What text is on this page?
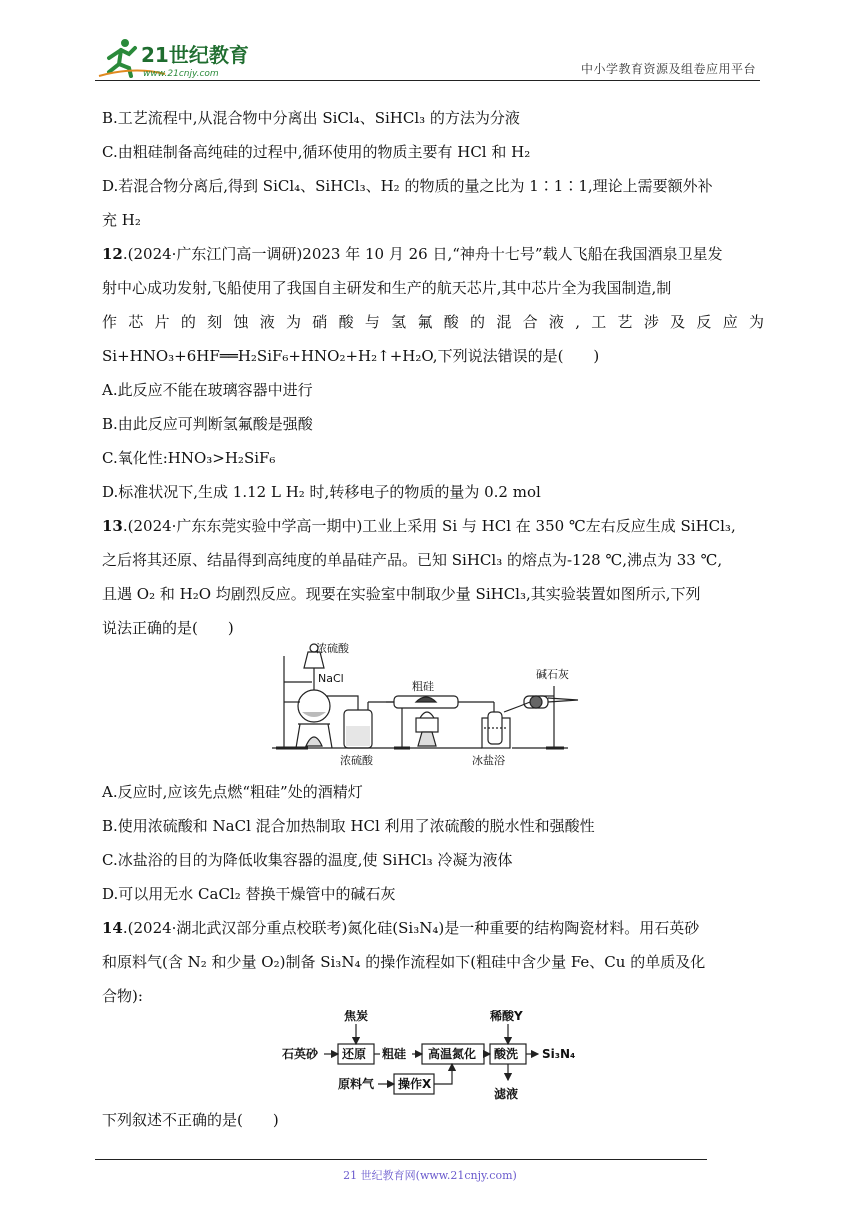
21世纪教育
www.21cnjy.com	中小学教育资源及组卷应用平台
B.工艺流程中,从混合物中分离出 SiCl₄、SiHCl₃ 的方法为分液
C.由粗硅制备高纯硅的过程中,循环使用的物质主要有 HCl 和 H₂
D.若混合物分离后,得到 SiCl₄、SiHCl₃、H₂ 的物质的量之比为 1∶1∶1,理论上需要额外补
充 H₂
12.(2024·广东江门高一调研)2023 年 10 月 26 日,“神舟十七号”载人飞船在我国酒泉卫星发
射中心成功发射,飞船使用了我国自主研发和生产的航天芯片,其中芯片全为我国制造,制
作芯片的刻蚀液为硝酸与氢氟酸的混合液,工艺涉及反应为
Si+HNO₃+6HF══H₂SiF₆+HNO₂+H₂↑+H₂O,下列说法错误的是(　　)
A.此反应不能在玻璃容器中进行
B.由此反应可判断氢氟酸是强酸
C.氧化性:HNO₃>H₂SiF₆
D.标准状况下,生成 1.12 L H₂ 时,转移电子的物质的量为 0.2 mol
13.(2024·广东东莞实验中学高一期中)工业上采用 Si 与 HCl 在 350 ℃左右反应生成 SiHCl₃,
之后将其还原、结晶得到高纯度的单晶硅产品。已知 SiHCl₃ 的熔点为-128 ℃,沸点为 33 ℃,
且遇 O₂ 和 H₂O 均剧烈反应。现要在实验室中制取少量 SiHCl₃,其实验装置如图所示,下列
说法正确的是(　　)
浓硫酸
NaCl
粗硅
碱石灰
浓硫酸	冰盐浴
A.反应时,应该先点燃“粗硅”处的酒精灯
B.使用浓硫酸和 NaCl 混合加热制取 HCl 利用了浓硫酸的脱水性和强酸性
C.冰盐浴的目的为降低收集容器的温度,使 SiHCl₃ 冷凝为液体
D.可以用无水 CaCl₂ 替换干燥管中的碱石灰
14.(2024·湖北武汉部分重点校联考)氮化硅(Si₃N₄)是一种重要的结构陶瓷材料。用石英砂
和原料气(含 N₂ 和少量 O₂)制备 Si₃N₄ 的操作流程如下(粗硅中含少量 Fe、Cu 的单质及化
合物):
石英砂
焦炭
还原 粗硅 高温氮化
稀酸Y
酸洗 Si₃N₄
原料气 操作X
滤液
下列叙述不正确的是(　　)
21 世纪教育网(www.21cnjy.com)
